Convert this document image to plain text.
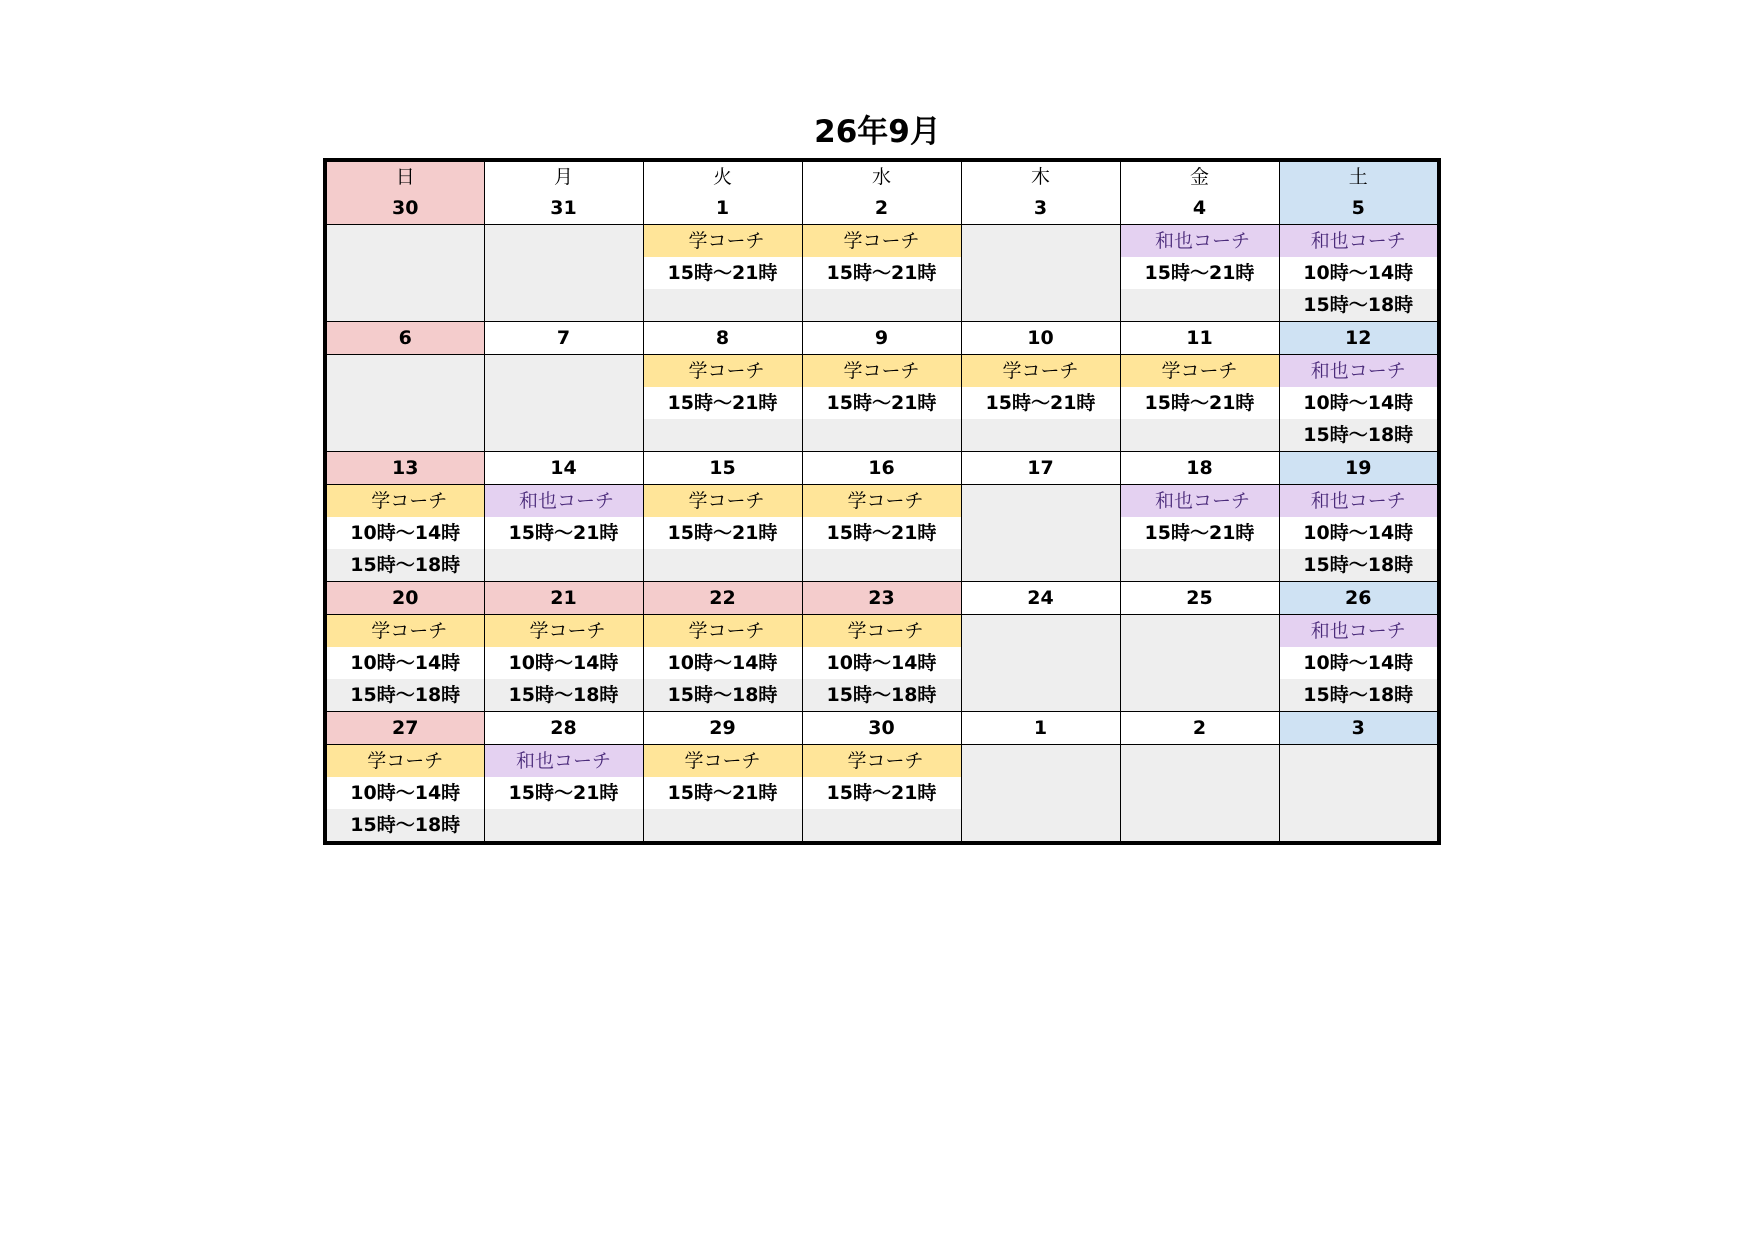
26年9月
日	月	火	水	木	金	土
30	31	1	2	3	4	5
		学コーチ	学コーチ		和也コーチ	和也コーチ
		15時～21時	15時～21時		15時～21時	10時～14時
						15時～18時
6	7	8	9	10	11	12
		学コーチ	学コーチ	学コーチ	学コーチ	和也コーチ
		15時～21時	15時～21時	15時～21時	15時～21時	10時～14時
						15時～18時
13	14	15	16	17	18	19
学コーチ	和也コーチ	学コーチ	学コーチ		和也コーチ	和也コーチ
10時～14時	15時～21時	15時～21時	15時～21時		15時～21時	10時～14時
15時～18時						15時～18時
20	21	22	23	24	25	26
学コーチ	学コーチ	学コーチ	学コーチ			和也コーチ
10時～14時	10時～14時	10時～14時	10時～14時			10時～14時
15時～18時	15時～18時	15時～18時	15時～18時			15時～18時
27	28	29	30	1	2	3
学コーチ	和也コーチ	学コーチ	学コーチ			
10時～14時	15時～21時	15時～21時	15時～21時			
15時～18時						
